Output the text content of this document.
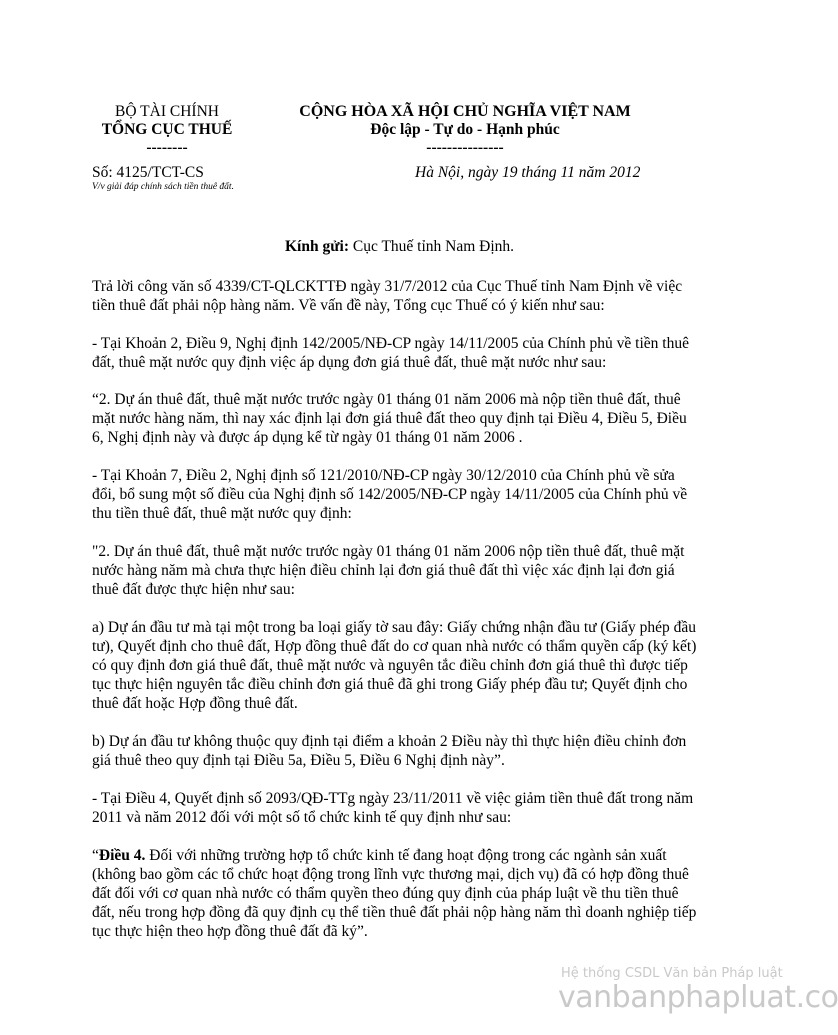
BỘ TÀI CHÍNH
TỔNG CỤC THUẾ
--------
CỘNG HÒA XÃ HỘI CHỦ NGHĨA VIỆT NAM
Độc lập - Tự do - Hạnh phúc
---------------
Số: 4125/TCT-CS
V/v giải đáp chính sách tiền thuê đất.
Hà Nội, ngày 19 tháng 11 năm 2012
Kính gửi: Cục Thuế tỉnh Nam Định.
Trả lời công văn số 4339/CT-QLCKTTĐ ngày 31/7/2012 của Cục Thuế tỉnh Nam Định về việc
tiền thuê đất phải nộp hàng năm. Về vấn đề này, Tổng cục Thuế có ý kiến như sau:
- Tại Khoản 2, Điều 9, Nghị định 142/2005/NĐ-CP ngày 14/11/2005 của Chính phủ về tiền thuê
đất, thuê mặt nước quy định việc áp dụng đơn giá thuê đất, thuê mặt nước như sau:
“2. Dự án thuê đất, thuê mặt nước trước ngày 01 tháng 01 năm 2006 mà nộp tiền thuê đất, thuê
mặt nước hàng năm, thì nay xác định lại đơn giá thuê đất theo quy định tại Điều 4, Điều 5, Điều
6, Nghị định này và được áp dụng kể từ ngày 01 tháng 01 năm 2006 .
- Tại Khoản 7, Điều 2, Nghị định số 121/2010/NĐ-CP ngày 30/12/2010 của Chính phủ về sửa
đổi, bổ sung một số điều của Nghị định số 142/2005/NĐ-CP ngày 14/11/2005 của Chính phủ về
thu tiền thuê đất, thuê mặt nước quy định:
"2. Dự án thuê đất, thuê mặt nước trước ngày 01 tháng 01 năm 2006 nộp tiền thuê đất, thuê mặt
nước hàng năm mà chưa thực hiện điều chỉnh lại đơn giá thuê đất thì việc xác định lại đơn giá
thuê đất được thực hiện như sau:
a) Dự án đầu tư mà tại một trong ba loại giấy tờ sau đây: Giấy chứng nhận đầu tư (Giấy phép đầu
tư), Quyết định cho thuê đất, Hợp đồng thuê đất do cơ quan nhà nước có thẩm quyền cấp (ký kết)
có quy định đơn giá thuê đất, thuê mặt nước và nguyên tắc điều chỉnh đơn giá thuê thì được tiếp
tục thực hiện nguyên tắc điều chỉnh đơn giá thuê đã ghi trong Giấy phép đầu tư; Quyết định cho
thuê đất hoặc Hợp đồng thuê đất.
b) Dự án đầu tư không thuộc quy định tại điểm a khoản 2 Điều này thì thực hiện điều chỉnh đơn
giá thuê theo quy định tại Điều 5a, Điều 5, Điều 6 Nghị định này”.
- Tại Điều 4, Quyết định số 2093/QĐ-TTg ngày 23/11/2011 về việc giảm tiền thuê đất trong năm
2011 và năm 2012 đối với một số tổ chức kinh tế quy định như sau:
“Điều 4. Đối với những trường hợp tổ chức kinh tế đang hoạt động trong các ngành sản xuất
(không bao gồm các tổ chức hoạt động trong lĩnh vực thương mại, dịch vụ) đã có hợp đồng thuê
đất đối với cơ quan nhà nước có thẩm quyền theo đúng quy định của pháp luật về thu tiền thuê
đất, nếu trong hợp đồng đã quy định cụ thể tiền thuê đất phải nộp hàng năm thì doanh nghiệp tiếp
tục thực hiện theo hợp đồng thuê đất đã ký”.
Hệ thống CSDL Văn bản Pháp luật
vanbanphapluat.co
